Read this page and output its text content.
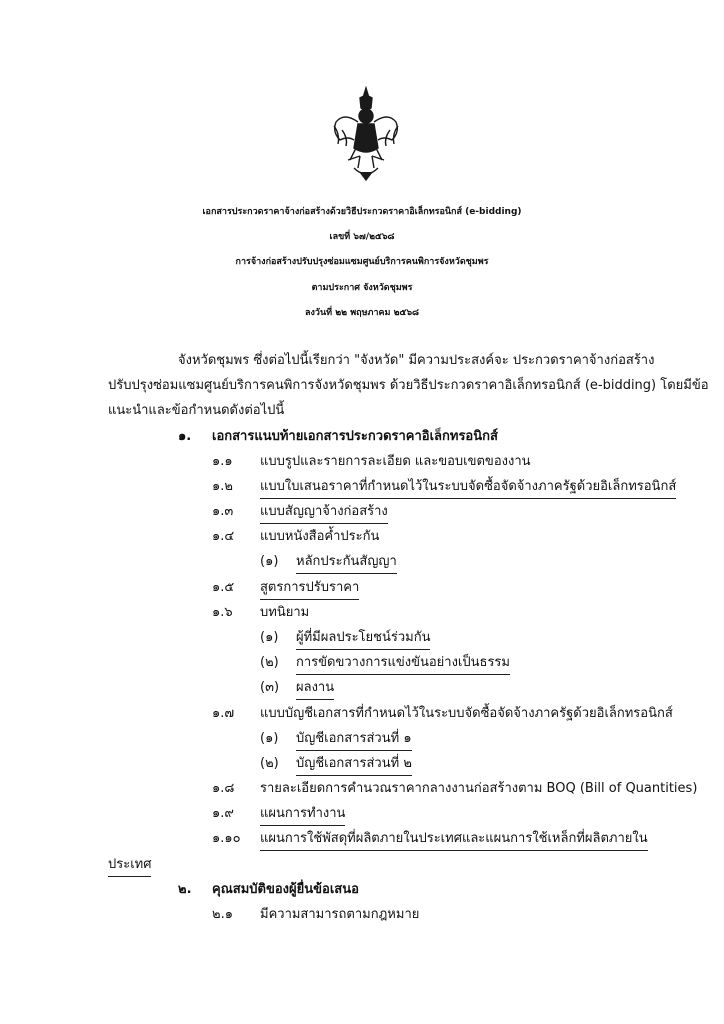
เอกสารประกวดราคาจ้างก่อสร้างด้วยวิธีประกวดราคาอิเล็กทรอนิกส์ (e-bidding)
เลขที่ ๖๗/๒๕๖๘
การจ้างก่อสร้างปรับปรุงซ่อมแซมศูนย์บริการคนพิการจังหวัดชุมพร
ตามประกาศ จังหวัดชุมพร
ลงวันที่ ๒๒ พฤษภาคม ๒๕๖๘
จังหวัดชุมพร ซึ่งต่อไปนี้เรียกว่า "จังหวัด" มีความประสงค์จะ ประกวดราคาจ้างก่อสร้าง
ปรับปรุงซ่อมแซมศูนย์บริการคนพิการจังหวัดชุมพร ด้วยวิธีประกวดราคาอิเล็กทรอนิกส์ (e-bidding) โดยมีข้อ
แนะนำและข้อกำหนดดังต่อไปนี้
๑. เอกสารแนบท้ายเอกสารประกวดราคาอิเล็กทรอนิกส์
๑.๑ แบบรูปและรายการละเอียด และขอบเขตของงาน
๑.๒ แบบใบเสนอราคาที่กำหนดไว้ในระบบจัดซื้อจัดจ้างภาครัฐด้วยอิเล็กทรอนิกส์
๑.๓ แบบสัญญาจ้างก่อสร้าง
๑.๔ แบบหนังสือค้ำประกัน
(๑) หลักประกันสัญญา
๑.๕ สูตรการปรับราคา
๑.๖ บทนิยาม
(๑) ผู้ที่มีผลประโยชน์ร่วมกัน
(๒) การขัดขวางการแข่งขันอย่างเป็นธรรม
(๓) ผลงาน
๑.๗ แบบบัญชีเอกสารที่กำหนดไว้ในระบบจัดซื้อจัดจ้างภาครัฐด้วยอิเล็กทรอนิกส์
(๑) บัญชีเอกสารส่วนที่ ๑
(๒) บัญชีเอกสารส่วนที่ ๒
๑.๘ รายละเอียดการคำนวณราคากลางงานก่อสร้างตาม BOQ (Bill of Quantities)
๑.๙ แผนการทำงาน
๑.๑๐ แผนการใช้พัสดุที่ผลิตภายในประเทศและแผนการใช้เหล็กที่ผลิตภายใน
ประเทศ
๒. คุณสมบัติของผู้ยื่นข้อเสนอ
๒.๑ มีความสามารถตามกฎหมาย
